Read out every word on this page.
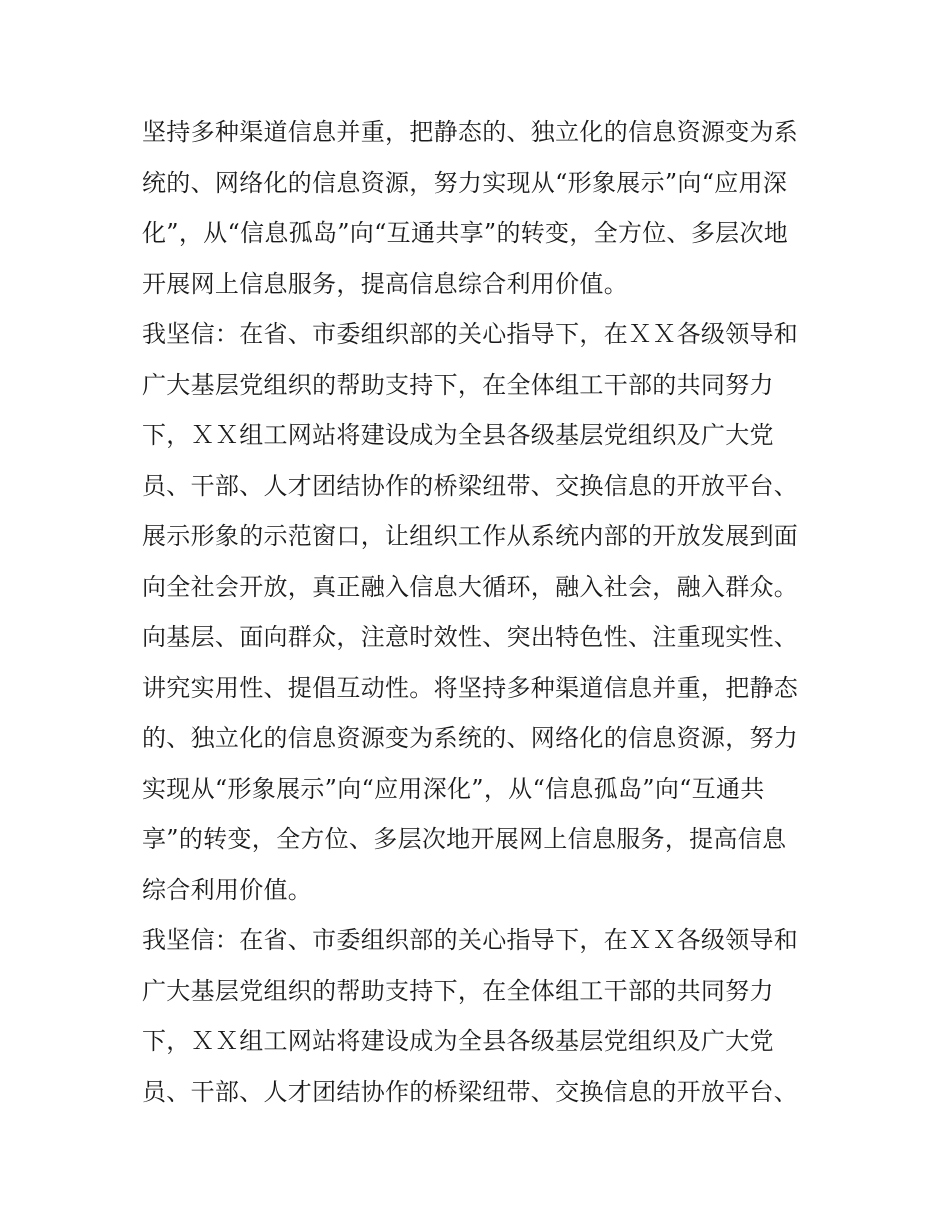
坚持多种渠道信息并重，把静态的、独立化的信息资源变为系
统的、网络化的信息资源，努力实现从“形象展示”向“应用深
化”，从“信息孤岛”向“互通共享”的转变，全方位、多层次地
开展网上信息服务，提高信息综合利用价值。
我坚信：在省、市委组织部的关心指导下，在ＸＸ各级领导和
广大基层党组织的帮助支持下，在全体组工干部的共同努力
下，ＸＸ组工网站将建设成为全县各级基层党组织及广大党
员、干部、人才团结协作的桥梁纽带、交换信息的开放平台、
展示形象的示范窗口，让组织工作从系统内部的开放发展到面
向全社会开放，真正融入信息大循环，融入社会，融入群众。
向基层、面向群众，注意时效性、突出特色性、注重现实性、
讲究实用性、提倡互动性。将坚持多种渠道信息并重，把静态
的、独立化的信息资源变为系统的、网络化的信息资源，努力
实现从“形象展示”向“应用深化”，从“信息孤岛”向“互通共
享”的转变，全方位、多层次地开展网上信息服务，提高信息
综合利用价值。
我坚信：在省、市委组织部的关心指导下，在ＸＸ各级领导和
广大基层党组织的帮助支持下，在全体组工干部的共同努力
下，ＸＸ组工网站将建设成为全县各级基层党组织及广大党
员、干部、人才团结协作的桥梁纽带、交换信息的开放平台、
